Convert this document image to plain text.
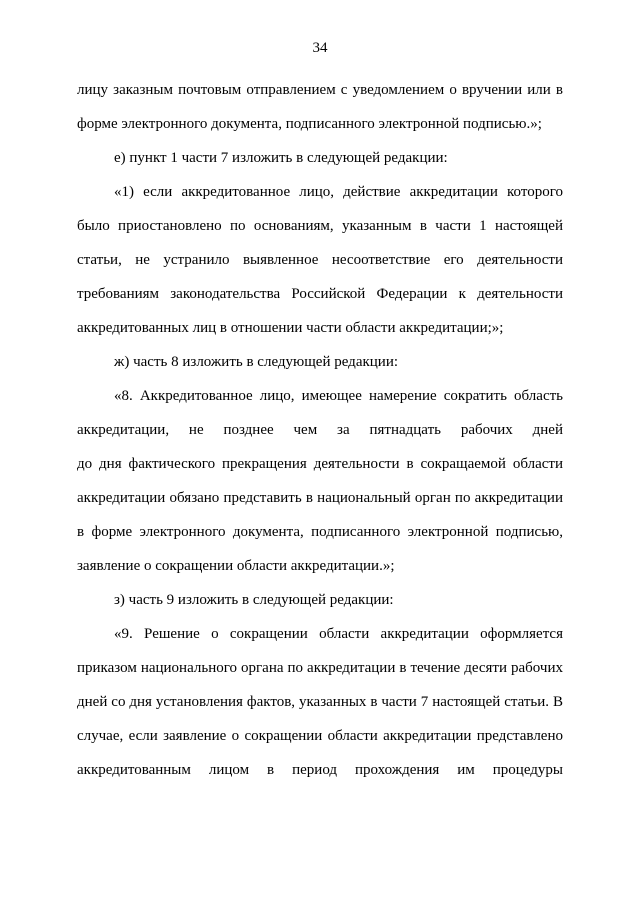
34
лицу заказным почтовым отправлением с уведомлением о вручении или в
форме электронного документа, подписанного электронной подписью.»;
е) пункт 1 части 7 изложить в следующей редакции:
«1) если аккредитованное лицо, действие аккредитации которого
было приостановлено по основаниям, указанным в части 1 настоящей
статьи, не устранило выявленное несоответствие его деятельности
требованиям законодательства Российской Федерации к деятельности
аккредитованных лиц в отношении части области аккредитации;»;
ж) часть 8 изложить в следующей редакции:
«8. Аккредитованное лицо, имеющее намерение сократить область
аккредитации, не позднее чем за пятнадцать рабочих дней
до дня фактического прекращения деятельности в сокращаемой области
аккредитации обязано представить в национальный орган по аккредитации
в форме электронного документа, подписанного электронной подписью,
заявление о сокращении области аккредитации.»;
з) часть 9 изложить в следующей редакции:
«9. Решение о сокращении области аккредитации оформляется
приказом национального органа по аккредитации в течение десяти рабочих
дней со дня установления фактов, указанных в части 7 настоящей статьи. В
случае, если заявление о сокращении области аккредитации представлено
аккредитованным лицом в период прохождения им процедуры
